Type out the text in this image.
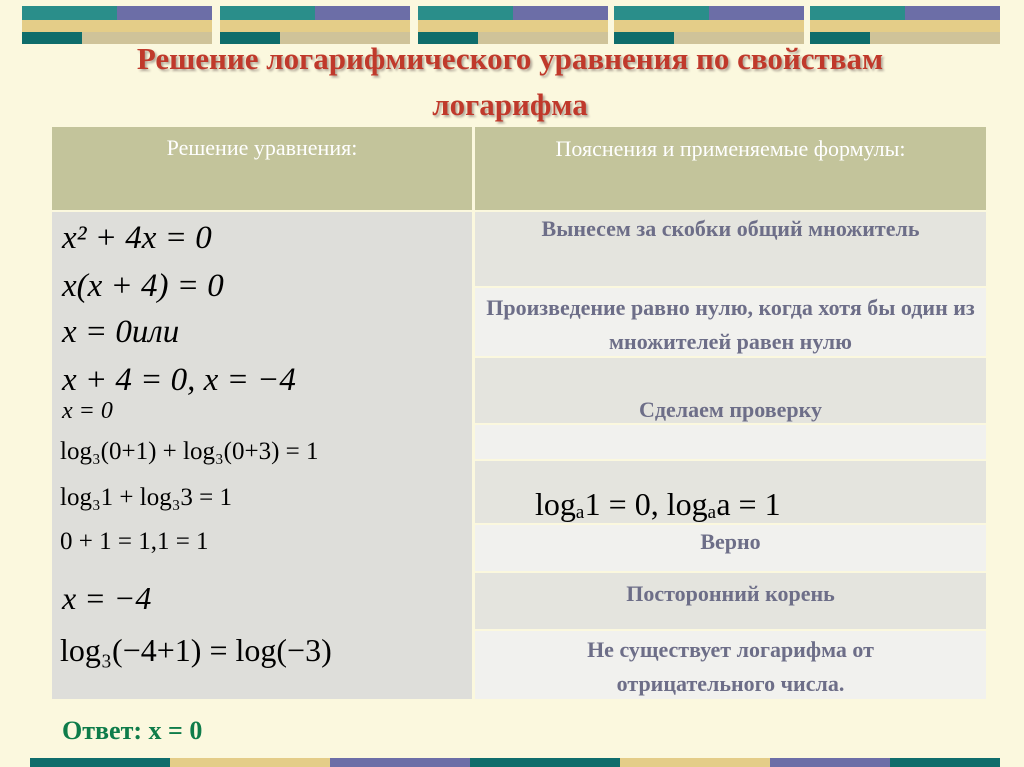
Решение логарифмического уравнения по свойствам логарифма
Решение уравнения:	Пояснения и применяемые формулы:
x² + 4x = 0
x(x + 4) = 0
x = 0или
x + 4 = 0, x = −4
x = 0
log₃(0+1) + log₃(0+3) = 1
log₃1 + log₃3 = 1
0 + 1 = 1,1 = 1
x = −4
log₃(−4+1) = log(−3)
Вынесем за скобки общий множитель
Произведение равно нулю, когда хотя бы один из множителей равен нулю
Сделаем проверку
logₐ1 = 0, logₐa = 1
Верно
Посторонний корень
Не существует логарифма от отрицательного числа.
Ответ: х = 0
